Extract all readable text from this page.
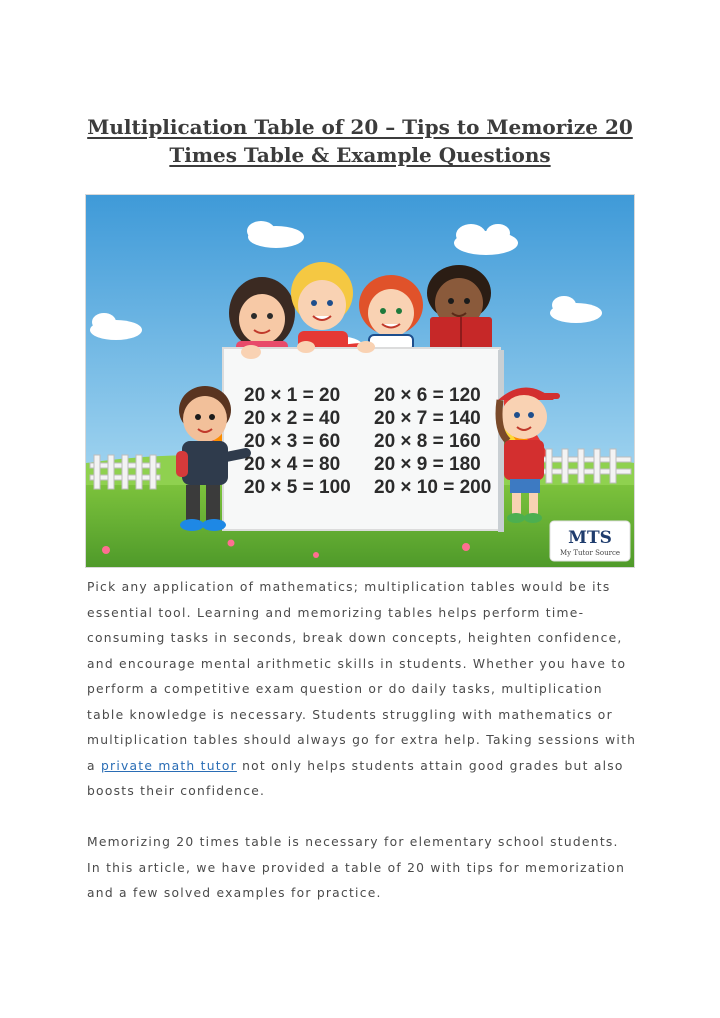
Multiplication Table of 20 – Tips to Memorize 20
Times Table & Example Questions
20 × 1 = 20
20 × 2 = 40
20 × 3 = 60
20 × 4 = 80
20 × 5 = 100
20 × 6 = 120
20 × 7 = 140
20 × 8 = 160
20 × 9 = 180
20 × 10 = 200
MTS
My Tutor Source

Pick any application of mathematics; multiplication tables would be its essential tool. Learning and memorizing tables helps perform time-consuming tasks in seconds, break down concepts, heighten confidence, and encourage mental arithmetic skills in students. Whether you have to perform a competitive exam question or do daily tasks, multiplication table knowledge is necessary. Students struggling with mathematics or multiplication tables should always go for extra help. Taking sessions with a private math tutor not only helps students attain good grades but also boosts their confidence.

Memorizing 20 times table is necessary for elementary school students. In this article, we have provided a table of 20 with tips for memorization and a few solved examples for practice.
